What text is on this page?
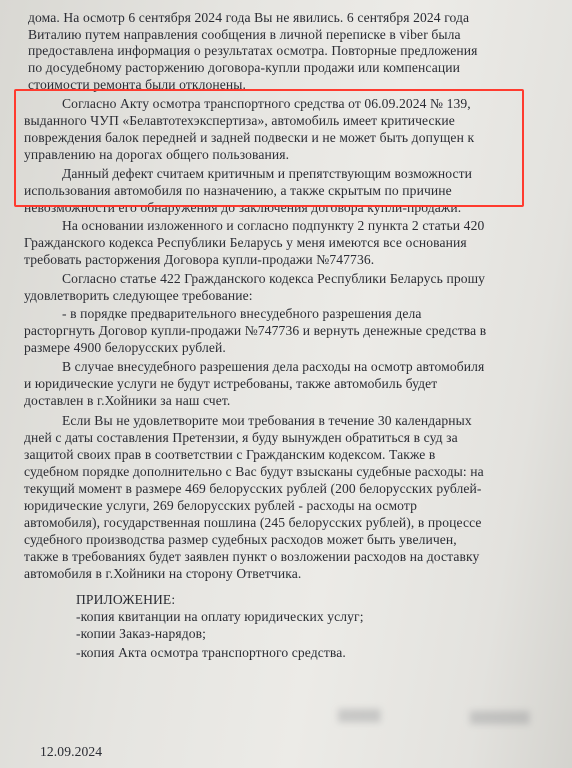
дома. На осмотр 6 сентября 2024 года Вы не явились. 6 сентября 2024 года
Виталию путем направления сообщения в личной переписке в viber была
предоставлена информация о результатах осмотра. Повторные предложения
по досудебному расторжению договора-купли продажи или компенсации
стоимости ремонта были отклонены.
Согласно Акту осмотра транспортного средства от 06.09.2024 № 139,
выданного ЧУП «Белавтотехэкспертиза», автомобиль имеет критические
повреждения балок передней и задней подвески и не может быть допущен к
управлению на дорогах общего пользования.
Данный дефект считаем критичным и препятствующим возможности
использования автомобиля по назначению, а также скрытым по причине
невозможности его обнаружения до заключения договора купли-продажи.
На основании изложенного и согласно подпункту 2 пункта 2 статьи 420
Гражданского кодекса Республики Беларусь у меня имеются все основания
требовать расторжения Договора купли-продажи №747736.
Согласно статье 422 Гражданского кодекса Республики Беларусь прошу
удовлетворить следующее требование:
- в порядке предварительного внесудебного разрешения дела
расторгнуть Договор купли-продажи №747736 и вернуть денежные средства в
размере 4900 белорусских рублей.
В случае внесудебного разрешения дела расходы на осмотр автомобиля
и юридические услуги не будут истребованы, также автомобиль будет
доставлен в г.Хойники за наш счет.
Если Вы не удовлетворите мои требования в течение 30 календарных
дней с даты составления Претензии, я буду вынужден обратиться в суд за
защитой своих прав в соответствии с Гражданским кодексом. Также в
судебном порядке дополнительно с Вас будут взысканы судебные расходы: на
текущий момент в размере 469 белорусских рублей (200 белорусских рублей-
юридические услуги, 269 белорусских рублей - расходы на осмотр
автомобиля), государственная пошлина (245 белорусских рублей), в процессе
судебного производства размер судебных расходов может быть увеличен,
также в требованиях будет заявлен пункт о возложении расходов на доставку
автомобиля в г.Хойники на сторону Ответчика.
ПРИЛОЖЕНИЕ:
-копия квитанции на оплату юридических услуг;
-копии Заказ-нарядов;
-копия Акта осмотра транспортного средства.
12.09.2024
▒▒▒▒▒	▒▒▒▒▒▒▒
